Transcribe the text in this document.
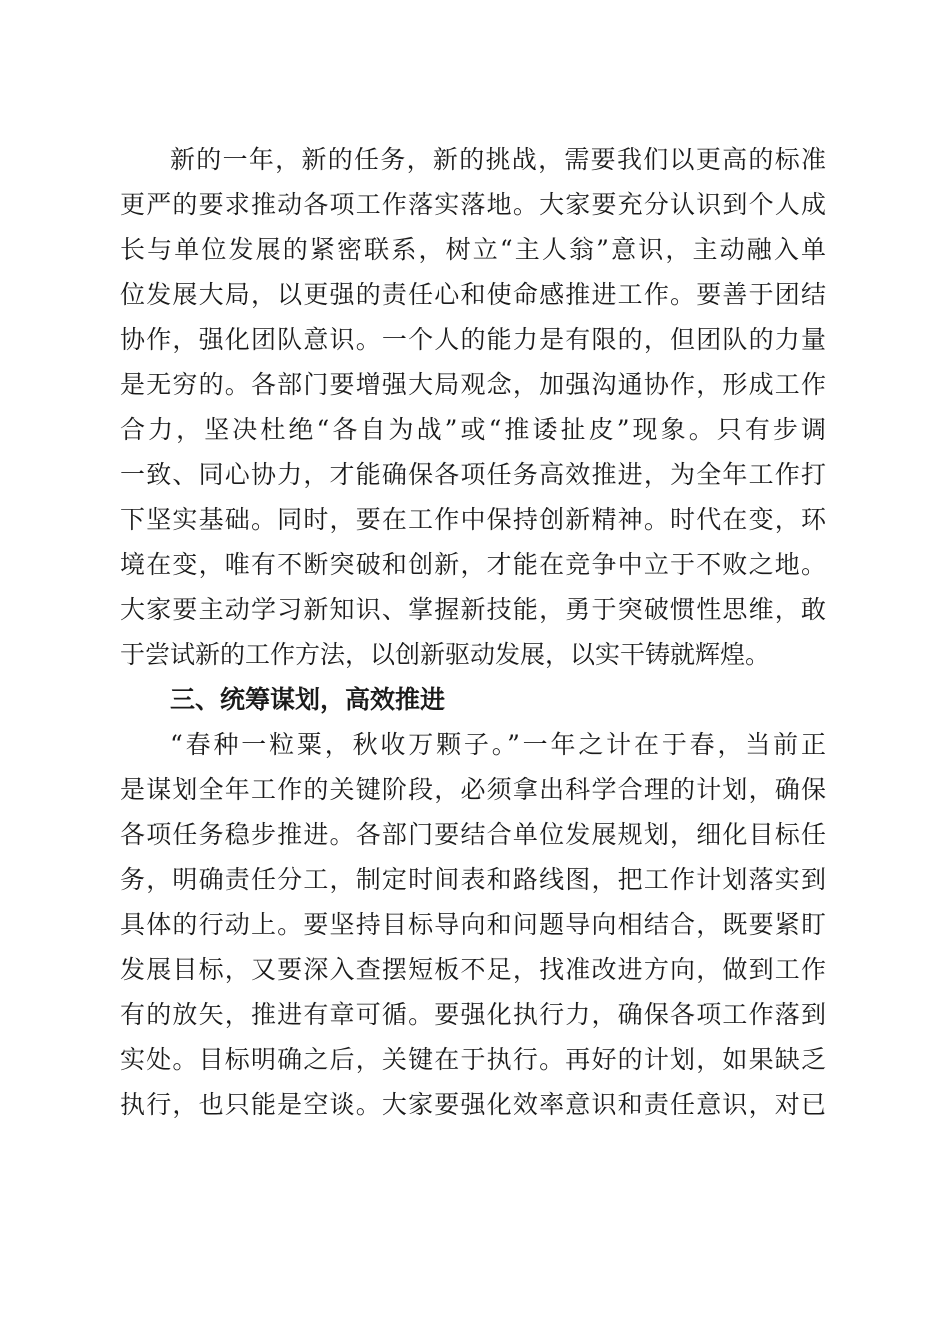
新的一年，新的任务，新的挑战，需要我们以更高的标准
更严的要求推动各项工作落实落地。大家要充分认识到个人成
长与单位发展的紧密联系，树立“主人翁”意识，主动融入单
位发展大局，以更强的责任心和使命感推进工作。要善于团结
协作，强化团队意识。一个人的能力是有限的，但团队的力量
是无穷的。各部门要增强大局观念，加强沟通协作，形成工作
合力，坚决杜绝“各自为战”或“推诿扯皮”现象。只有步调
一致、同心协力，才能确保各项任务高效推进，为全年工作打
下坚实基础。同时，要在工作中保持创新精神。时代在变，环
境在变，唯有不断突破和创新，才能在竞争中立于不败之地。
大家要主动学习新知识、掌握新技能，勇于突破惯性思维，敢
于尝试新的工作方法，以创新驱动发展，以实干铸就辉煌。
三、统筹谋划，高效推进
“春种一粒粟，秋收万颗子。”一年之计在于春，当前正
是谋划全年工作的关键阶段，必须拿出科学合理的计划，确保
各项任务稳步推进。各部门要结合单位发展规划，细化目标任
务，明确责任分工，制定时间表和路线图，把工作计划落实到
具体的行动上。要坚持目标导向和问题导向相结合，既要紧盯
发展目标，又要深入查摆短板不足，找准改进方向，做到工作
有的放矢，推进有章可循。要强化执行力，确保各项工作落到
实处。目标明确之后，关键在于执行。再好的计划，如果缺乏
执行，也只能是空谈。大家要强化效率意识和责任意识，对已
